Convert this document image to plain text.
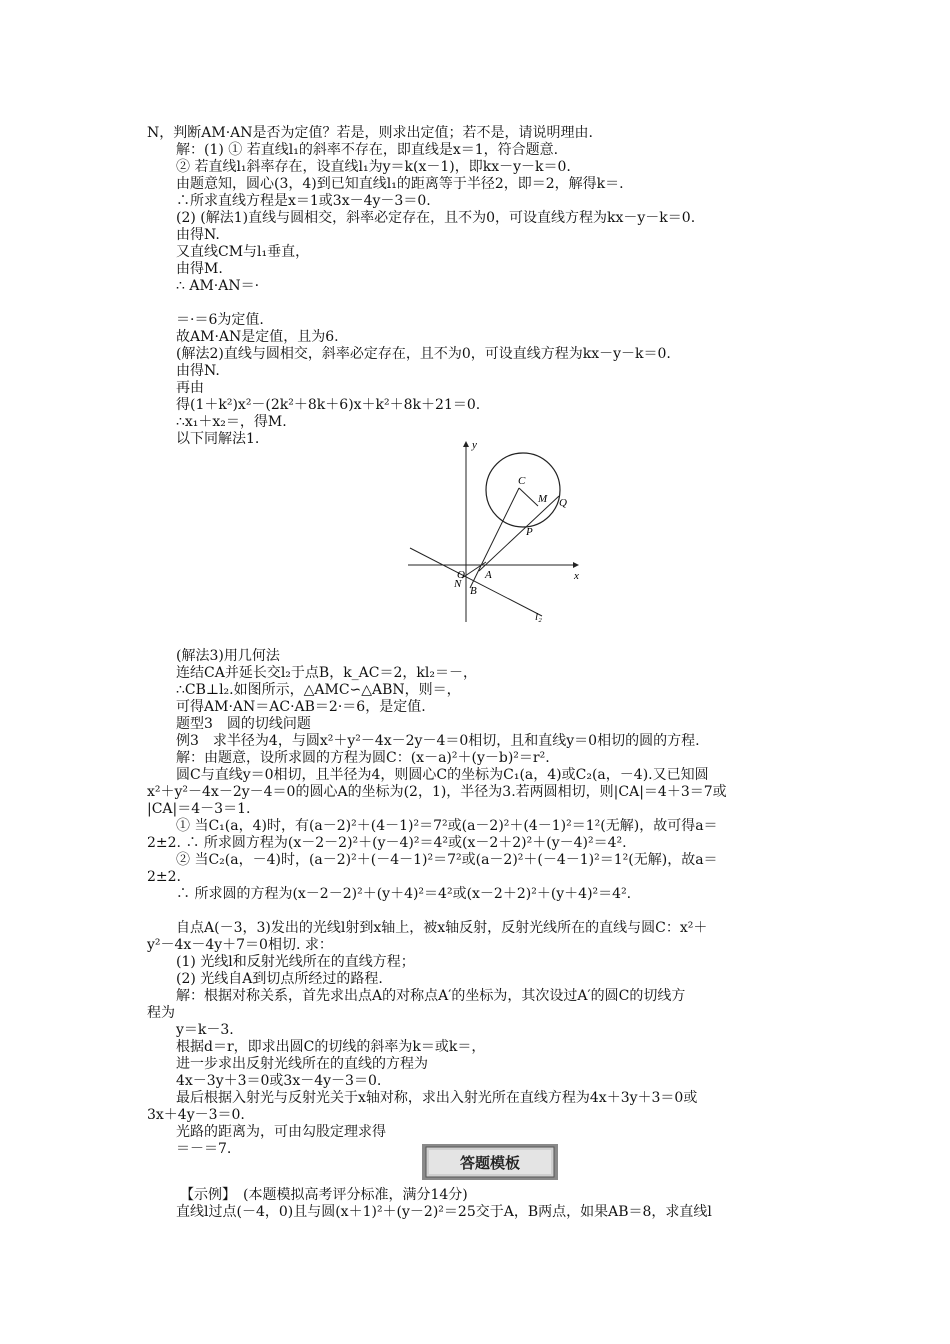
N，判断AM·AN是否为定值？若是，则求出定值；若不是，请说明理由.
解：(1) ① 若直线l₁的斜率不存在，即直线是x＝1，符合题意.
② 若直线l₁斜率存在，设直线l₁为y＝k(x－1)，即kx－y－k＝0.
由题意知，圆心(3，4)到已知直线l₁的距离等于半径2，即＝2，解得k＝.
∴所求直线方程是x＝1或3x－4y－3＝0.
(2) (解法1)直线与圆相交，斜率必定存在，且不为0，可设直线方程为kx－y－k＝0.
由得N.
又直线CM与l₁垂直，
由得M.
∴ AM·AN＝·
＝·＝6为定值.
故AM·AN是定值，且为6.
(解法2)直线与圆相交，斜率必定存在，且不为0，可设直线方程为kx－y－k＝0.
由得N.
再由
得(1＋k²)x²－(2k²＋8k＋6)x＋k²＋8k＋21＝0.
∴x₁＋x₂＝，得M.
以下同解法1.	y
x
O
C
M Q
P
A
N
B
l₂
(解法3)用几何法
连结CA并延长交l₂于点B，k_AC＝2，kl₂＝－，
∴CB⊥l₂.如图所示，△AMC∽△ABN，则＝，
可得AM·AN＝AC·AB＝2·＝6，是定值.
题型3　圆的切线问题
例3　求半径为4，与圆x²＋y²－4x－2y－4＝0相切，且和直线y＝0相切的圆的方程.
解：由题意，设所求圆的方程为圆C：(x－a)²＋(y－b)²＝r².
圆C与直线y＝0相切，且半径为4，则圆心C的坐标为C₁(a，4)或C₂(a，－4).又已知圆
x²＋y²－4x－2y－4＝0的圆心A的坐标为(2，1)，半径为3.若两圆相切，则|CA|＝4＋3＝7或
|CA|＝4－3＝1.
① 当C₁(a，4)时，有(a－2)²＋(4－1)²＝7²或(a－2)²＋(4－1)²＝1²(无解)，故可得a＝
2±2. ∴ 所求圆方程为(x－2－2)²＋(y－4)²＝4²或(x－2＋2)²＋(y－4)²＝4².
② 当C₂(a，－4)时，(a－2)²＋(－4－1)²＝7²或(a－2)²＋(－4－1)²＝1²(无解)，故a＝
2±2.
∴ 所求圆的方程为(x－2－2)²＋(y＋4)²＝4²或(x－2＋2)²＋(y＋4)²＝4².
自点A(－3，3)发出的光线l射到x轴上，被x轴反射，反射光线所在的直线与圆C：x²＋
y²－4x－4y＋7＝0相切. 求：
(1) 光线l和反射光线所在的直线方程；
(2) 光线自A到切点所经过的路程.
解：根据对称关系，首先求出点A的对称点A′的坐标为，其次设过A′的圆C的切线方
程为
y＝k－3.
根据d＝r，即求出圆C的切线的斜率为k＝或k＝，
进一步求出反射光线所在的直线的方程为
4x－3y＋3＝0或3x－4y－3＝0.
最后根据入射光与反射光关于x轴对称，求出入射光所在直线方程为4x＋3y＋3＝0或
3x＋4y－3＝0.
光路的距离为，可由勾股定理求得
＝－＝7.
答题模板
【示例】　(本题模拟高考评分标准，满分14分)
直线l过点(－4，0)且与圆(x＋1)²＋(y－2)²＝25交于A，B两点，如果AB＝8，求直线l
